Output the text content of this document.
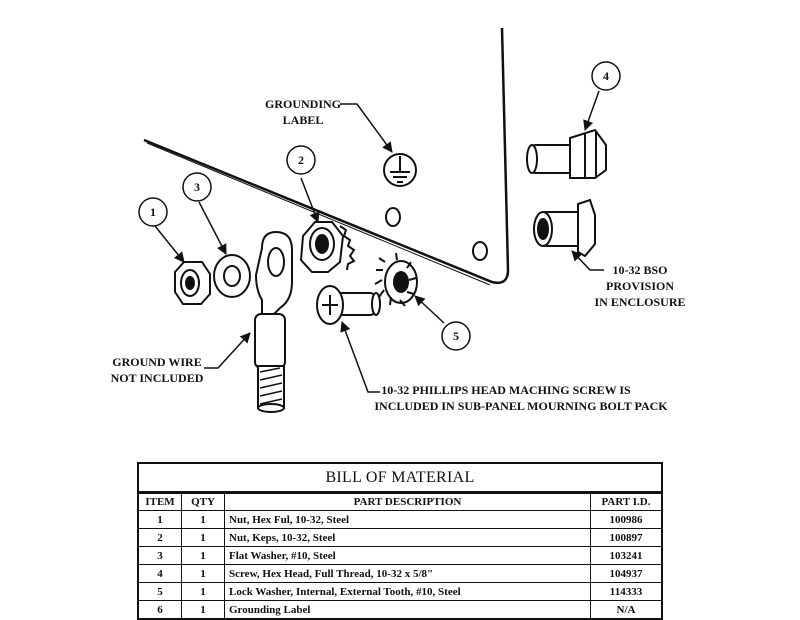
1
3
2
4
5
GROUNDING
LABEL
10-32 BSO
PROVISION
IN ENCLOSURE
GROUND WIRE
NOT INCLUDED
10-32 PHILLIPS HEAD MACHING SCREW IS
INCLUDED IN SUB-PANEL MOURNING BOLT PACK
BILL OF MATERIAL
ITEM	QTY	PART DESCRIPTION	PART I.D.
1	1	Nut, Hex Ful, 10-32, Steel	100986
2	1	Nut, Keps, 10-32, Steel	100897
3	1	Flat Washer, #10, Steel	103241
4	1	Screw, Hex Head, Full Thread, 10-32 x 5/8"	104937
5	1	Lock Washer, Internal, External Tooth, #10, Steel	114333
6	1	Grounding Label	N/A
